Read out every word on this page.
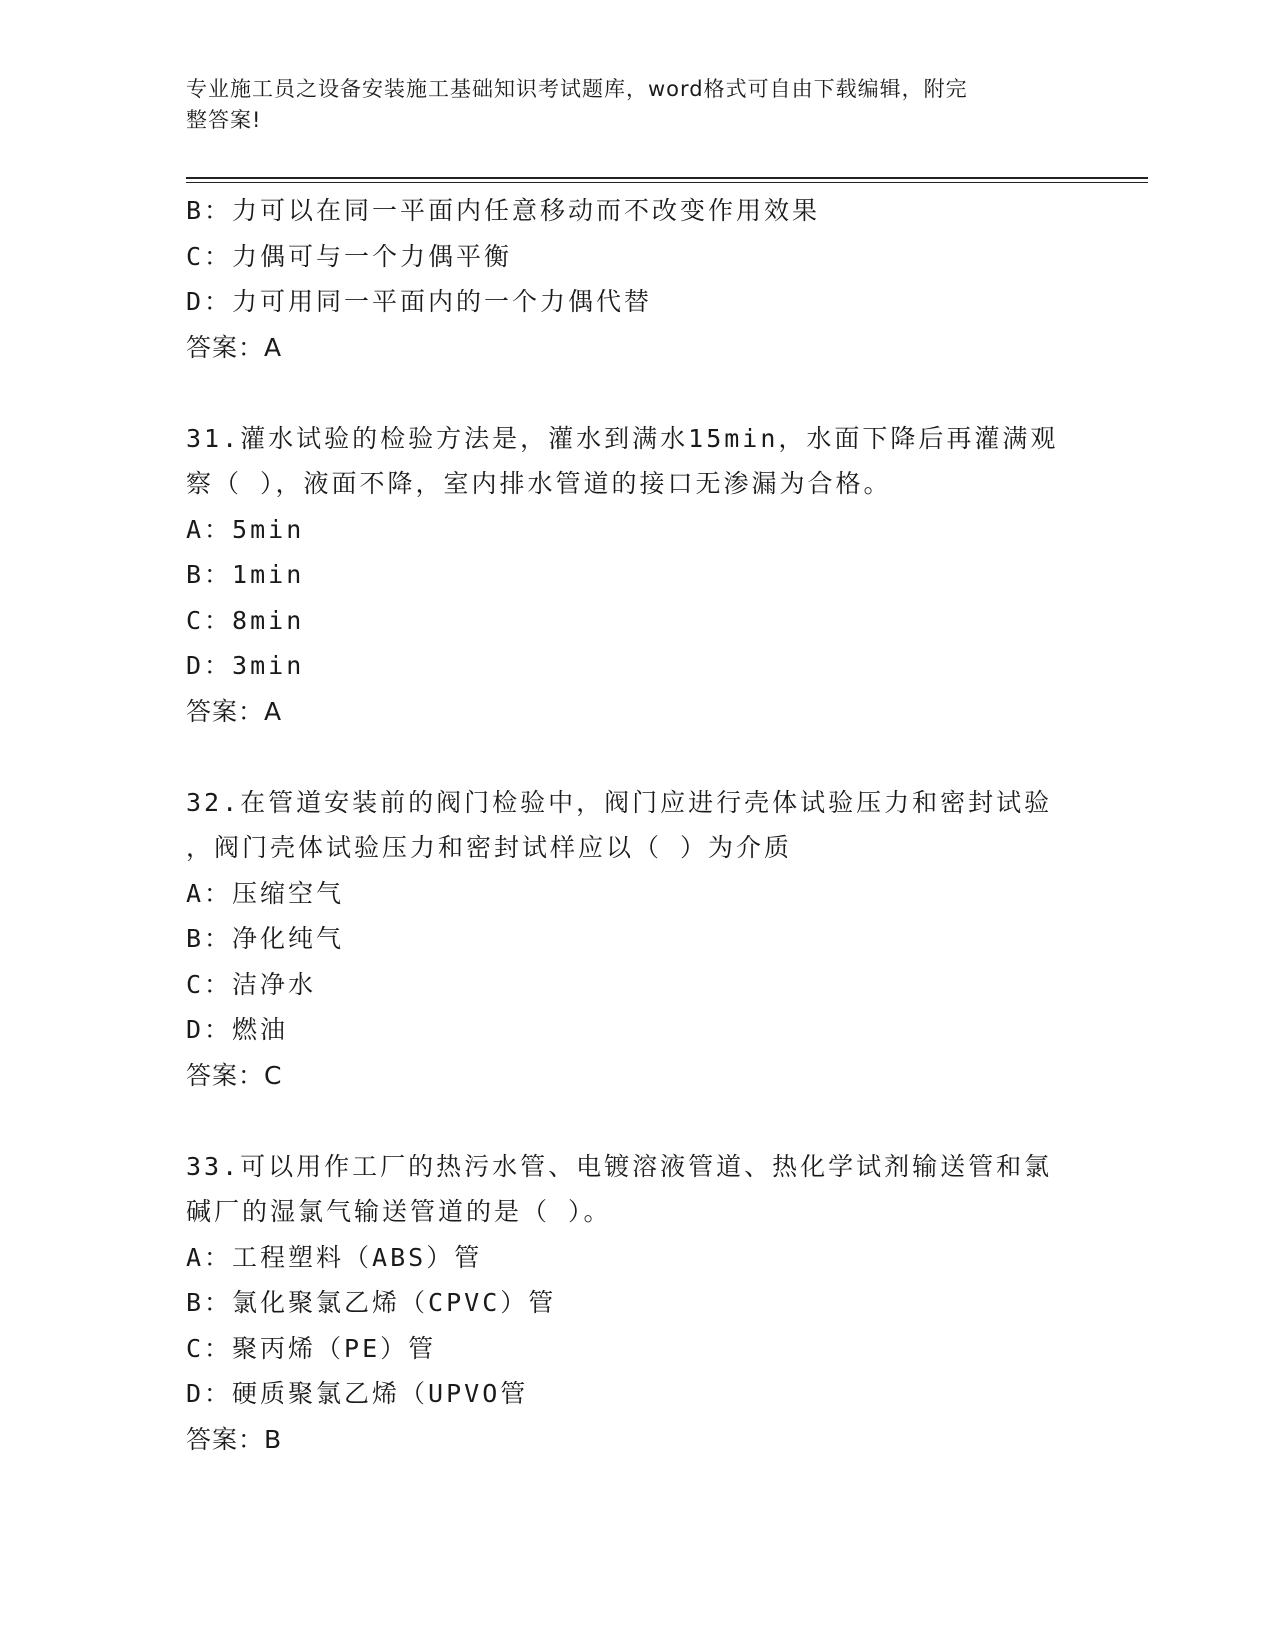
专业施工员之设备安装施工基础知识考试题库，word格式可自由下载编辑，附完
整答案!
B：力可以在同一平面内任意移动而不改变作用效果
C：力偶可与一个力偶平衡
D：力可用同一平面内的一个力偶代替
答案：A
31.灌水试验的检验方法是，灌水到满水15min，水面下降后再灌满观
察（ ），液面不降，室内排水管道的接口无渗漏为合格。
A：5min
B：1min
C：8min
D：3min
答案：A
32.在管道安装前的阀门检验中，阀门应进行壳体试验压力和密封试验
，阀门壳体试验压力和密封试样应以（ ）为介质
A：压缩空气
B：净化纯气
C：洁净水
D：燃油
答案：C
33.可以用作工厂的热污水管、电镀溶液管道、热化学试剂输送管和氯
碱厂的湿氯气输送管道的是（ ）。
A：工程塑料（ABS）管
B：氯化聚氯乙烯（CPVC）管
C：聚丙烯（PE）管
D：硬质聚氯乙烯（UPVO管
答案：B
